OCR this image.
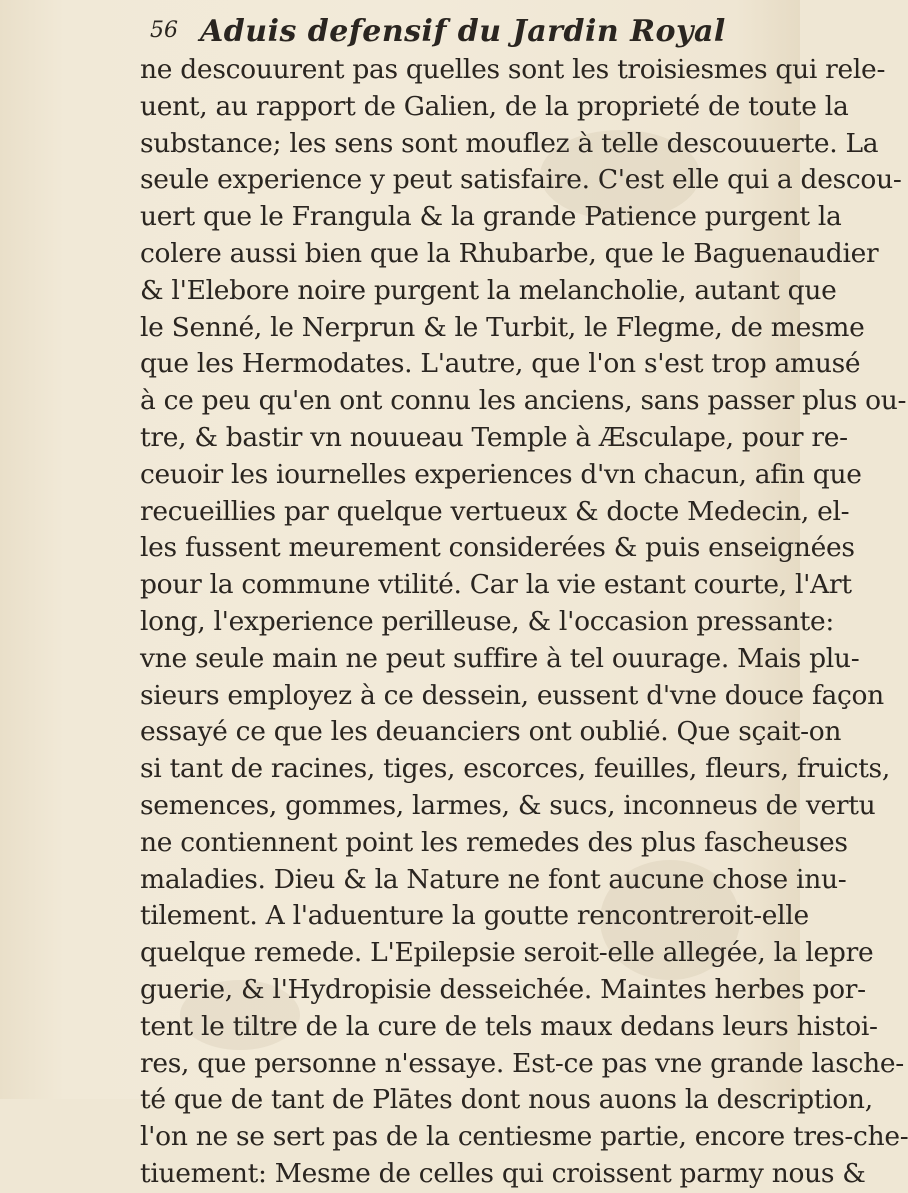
56 Aduis defensif du Jardin Royal
ne descouurent pas quelles sont les troisiesmes qui rele-
uent, au rapport de Galien, de la proprieté de toute la
substance; les sens sont mouflez à telle descouuerte. La
seule experience y peut satisfaire. C'est elle qui a descou-
uert que le Frangula & la grande Patience purgent la
colere aussi bien que la Rhubarbe, que le Baguenaudier
& l'Elebore noire purgent la melancholie, autant que
le Senné, le Nerprun & le Turbit, le Flegme, de mesme
que les Hermodates. L'autre, que l'on s'est trop amusé
à ce peu qu'en ont connu les anciens, sans passer plus ou-
tre, & bastir vn nouueau Temple à Æsculape, pour re-
ceuoir les iournelles experiences d'vn chacun, afin que
recueillies par quelque vertueux & docte Medecin, el-
les fussent meurement considerées & puis enseignées
pour la commune vtilité. Car la vie estant courte, l'Art
long, l'experience perilleuse, & l'occasion pressante:
vne seule main ne peut suffire à tel ouurage. Mais plu-
sieurs employez à ce dessein, eussent d'vne douce façon
essayé ce que les deuanciers ont oublié. Que sçait-on
si tant de racines, tiges, escorces, feuilles, fleurs, fruicts,
semences, gommes, larmes, & sucs, inconneus de vertu
ne contiennent point les remedes des plus fascheuses
maladies. Dieu & la Nature ne font aucune chose inu-
tilement. A l'aduenture la goutte rencontreroit-elle
quelque remede. L'Epilepsie seroit-elle allegée, la lepre
guerie, & l'Hydropisie desseichée. Maintes herbes por-
tent le tiltre de la cure de tels maux dedans leurs histoi-
res, que personne n'essaye. Est-ce pas vne grande lasche-
té que de tant de Plātes dont nous auons la description,
l'on ne se sert pas de la centiesme partie, encore tres-che-
tiuement: Mesme de celles qui croissent parmy nous &
